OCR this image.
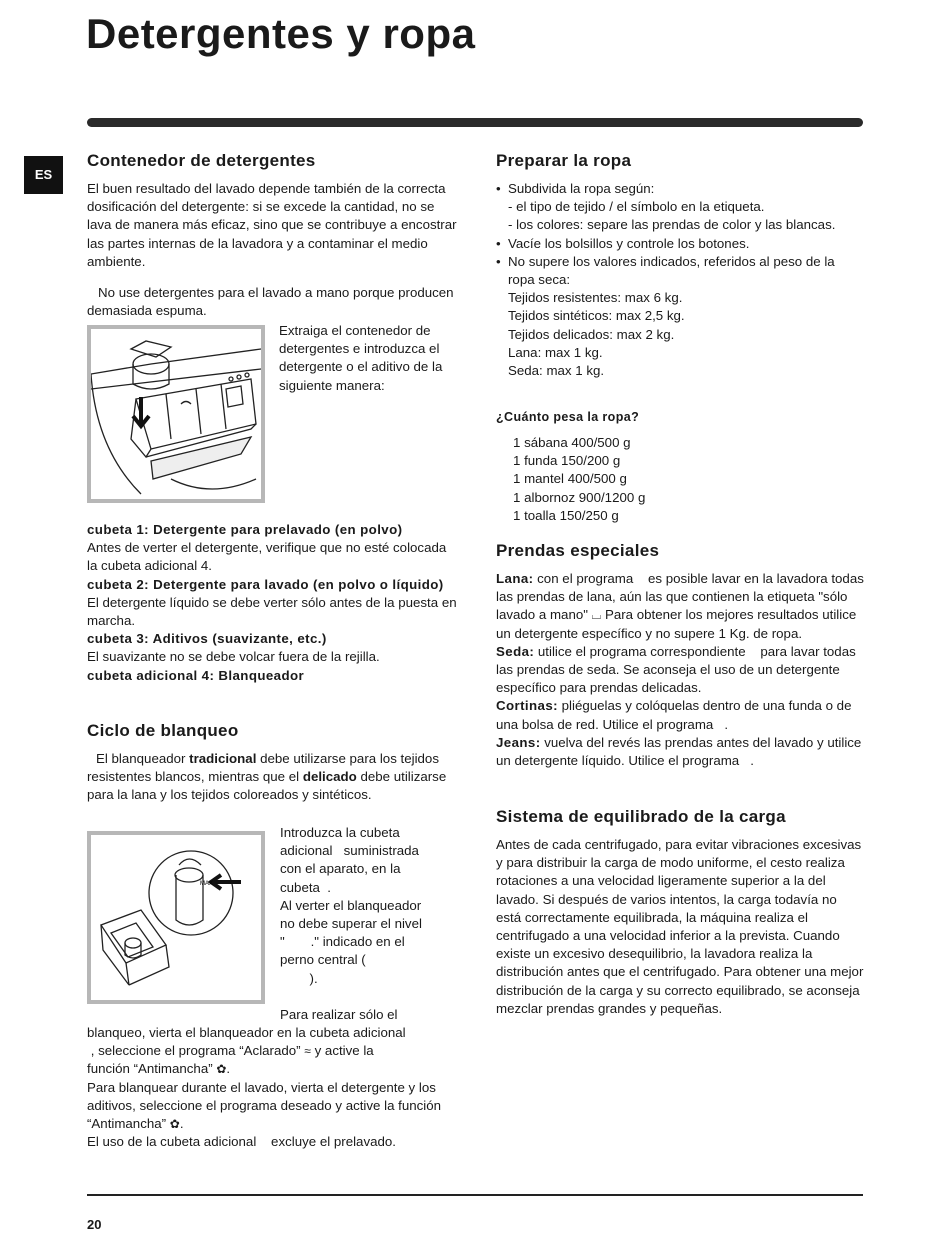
Detergentes y ropa
ES
Contenedor de detergentes

El buen resultado del lavado depende también de la correcta dosificación del detergente: si se excede la cantidad, no se lava de manera más eficaz, sino que se contribuye a encostrar las partes internas de la lavadora y a contaminar el medio ambiente.

No use detergentes para el lavado a mano porque producen demasiada espuma.

Extraiga el contenedor de detergentes e introduzca el detergente o el aditivo de la siguiente manera:

cubeta 1: Detergente para prelavado (en polvo)

Antes de verter el detergente, verifique que no esté colocada la cubeta adicional 4.

cubeta 2: Detergente para lavado (en polvo o líquido)

El detergente líquido se debe verter sólo antes de la puesta en marcha.

cubeta 3: Aditivos (suavizante, etc.)

El suavizante no se debe volcar fuera de la rejilla.

cubeta adicional 4: Blanqueador

Ciclo de blanqueo

El blanqueador tradicional debe utilizarse para los tejidos resistentes blancos, mientras que el delicado debe utilizarse para la lana y los tejidos coloreados y sintéticos.

MAX

Introduzca la cubeta

adicional   suministrada

con el aparato, en la

cubeta  .

Al verter el blanqueador

no debe superar el nivel

"       ." indicado en el

perno central (

).

Para realizar sólo el

blanqueo, vierta el blanqueador en la cubeta adicional

, seleccione el programa “Aclarado” ≈ y active la

función “Antimancha” ✿.

Para blanquear durante el lavado, vierta el detergente y los aditivos, seleccione el programa deseado y active la función “Antimancha” ✿.

El uso de la cubeta adicional    excluye el prelavado.

Preparar la ropa

• Subdivida la ropa según:

- el tipo de tejido / el símbolo en la etiqueta.

- los colores: separe las prendas de color y las blancas.

• Vacíe los bolsillos y controle los botones.

• No supere los valores indicados, referidos al peso de la ropa seca:

Tejidos resistentes: max 6 kg.

Tejidos sintéticos: max 2,5 kg.

Tejidos delicados: max 2 kg.

Lana: max 1 kg.

Seda: max 1 kg.

¿Cuánto pesa la ropa?

1 sábana 400/500 g

1 funda 150/200 g

1 mantel 400/500 g

1 albornoz 900/1200 g

1 toalla 150/250 g

Prendas especiales

Lana: con el programa    es posible lavar en la lavadora todas las prendas de lana, aún las que contienen la etiqueta "sólo lavado a mano" ⌴ Para obtener los mejores resultados utilice un detergente específico y no supere 1 Kg. de ropa.

Seda: utilice el programa correspondiente    para lavar todas las prendas de seda. Se aconseja el uso de un detergente específico para prendas delicadas.

Cortinas: pliéguelas y colóquelas dentro de una funda o de una bolsa de red. Utilice el programa   .

Jeans: vuelva del revés las prendas antes del lavado y utilice un detergente líquido. Utilice el programa   .

Sistema de equilibrado de la carga
Antes de cada centrifugado, para evitar vibraciones excesivas y para distribuir la carga de modo uniforme, el cesto realiza rotaciones a una velocidad ligeramente superior a la del lavado. Si después de varios intentos, la carga todavía no está correctamente equilibrada, la máquina realiza el centrifugado a una velocidad inferior a la prevista. Cuando existe un excesivo desequilibrio, la lavadora realiza la distribución antes que el centrifugado. Para obtener una mejor distribución de la carga y su correcto equilibrado, se aconseja mezclar prendas grandes y pequeñas.
20
